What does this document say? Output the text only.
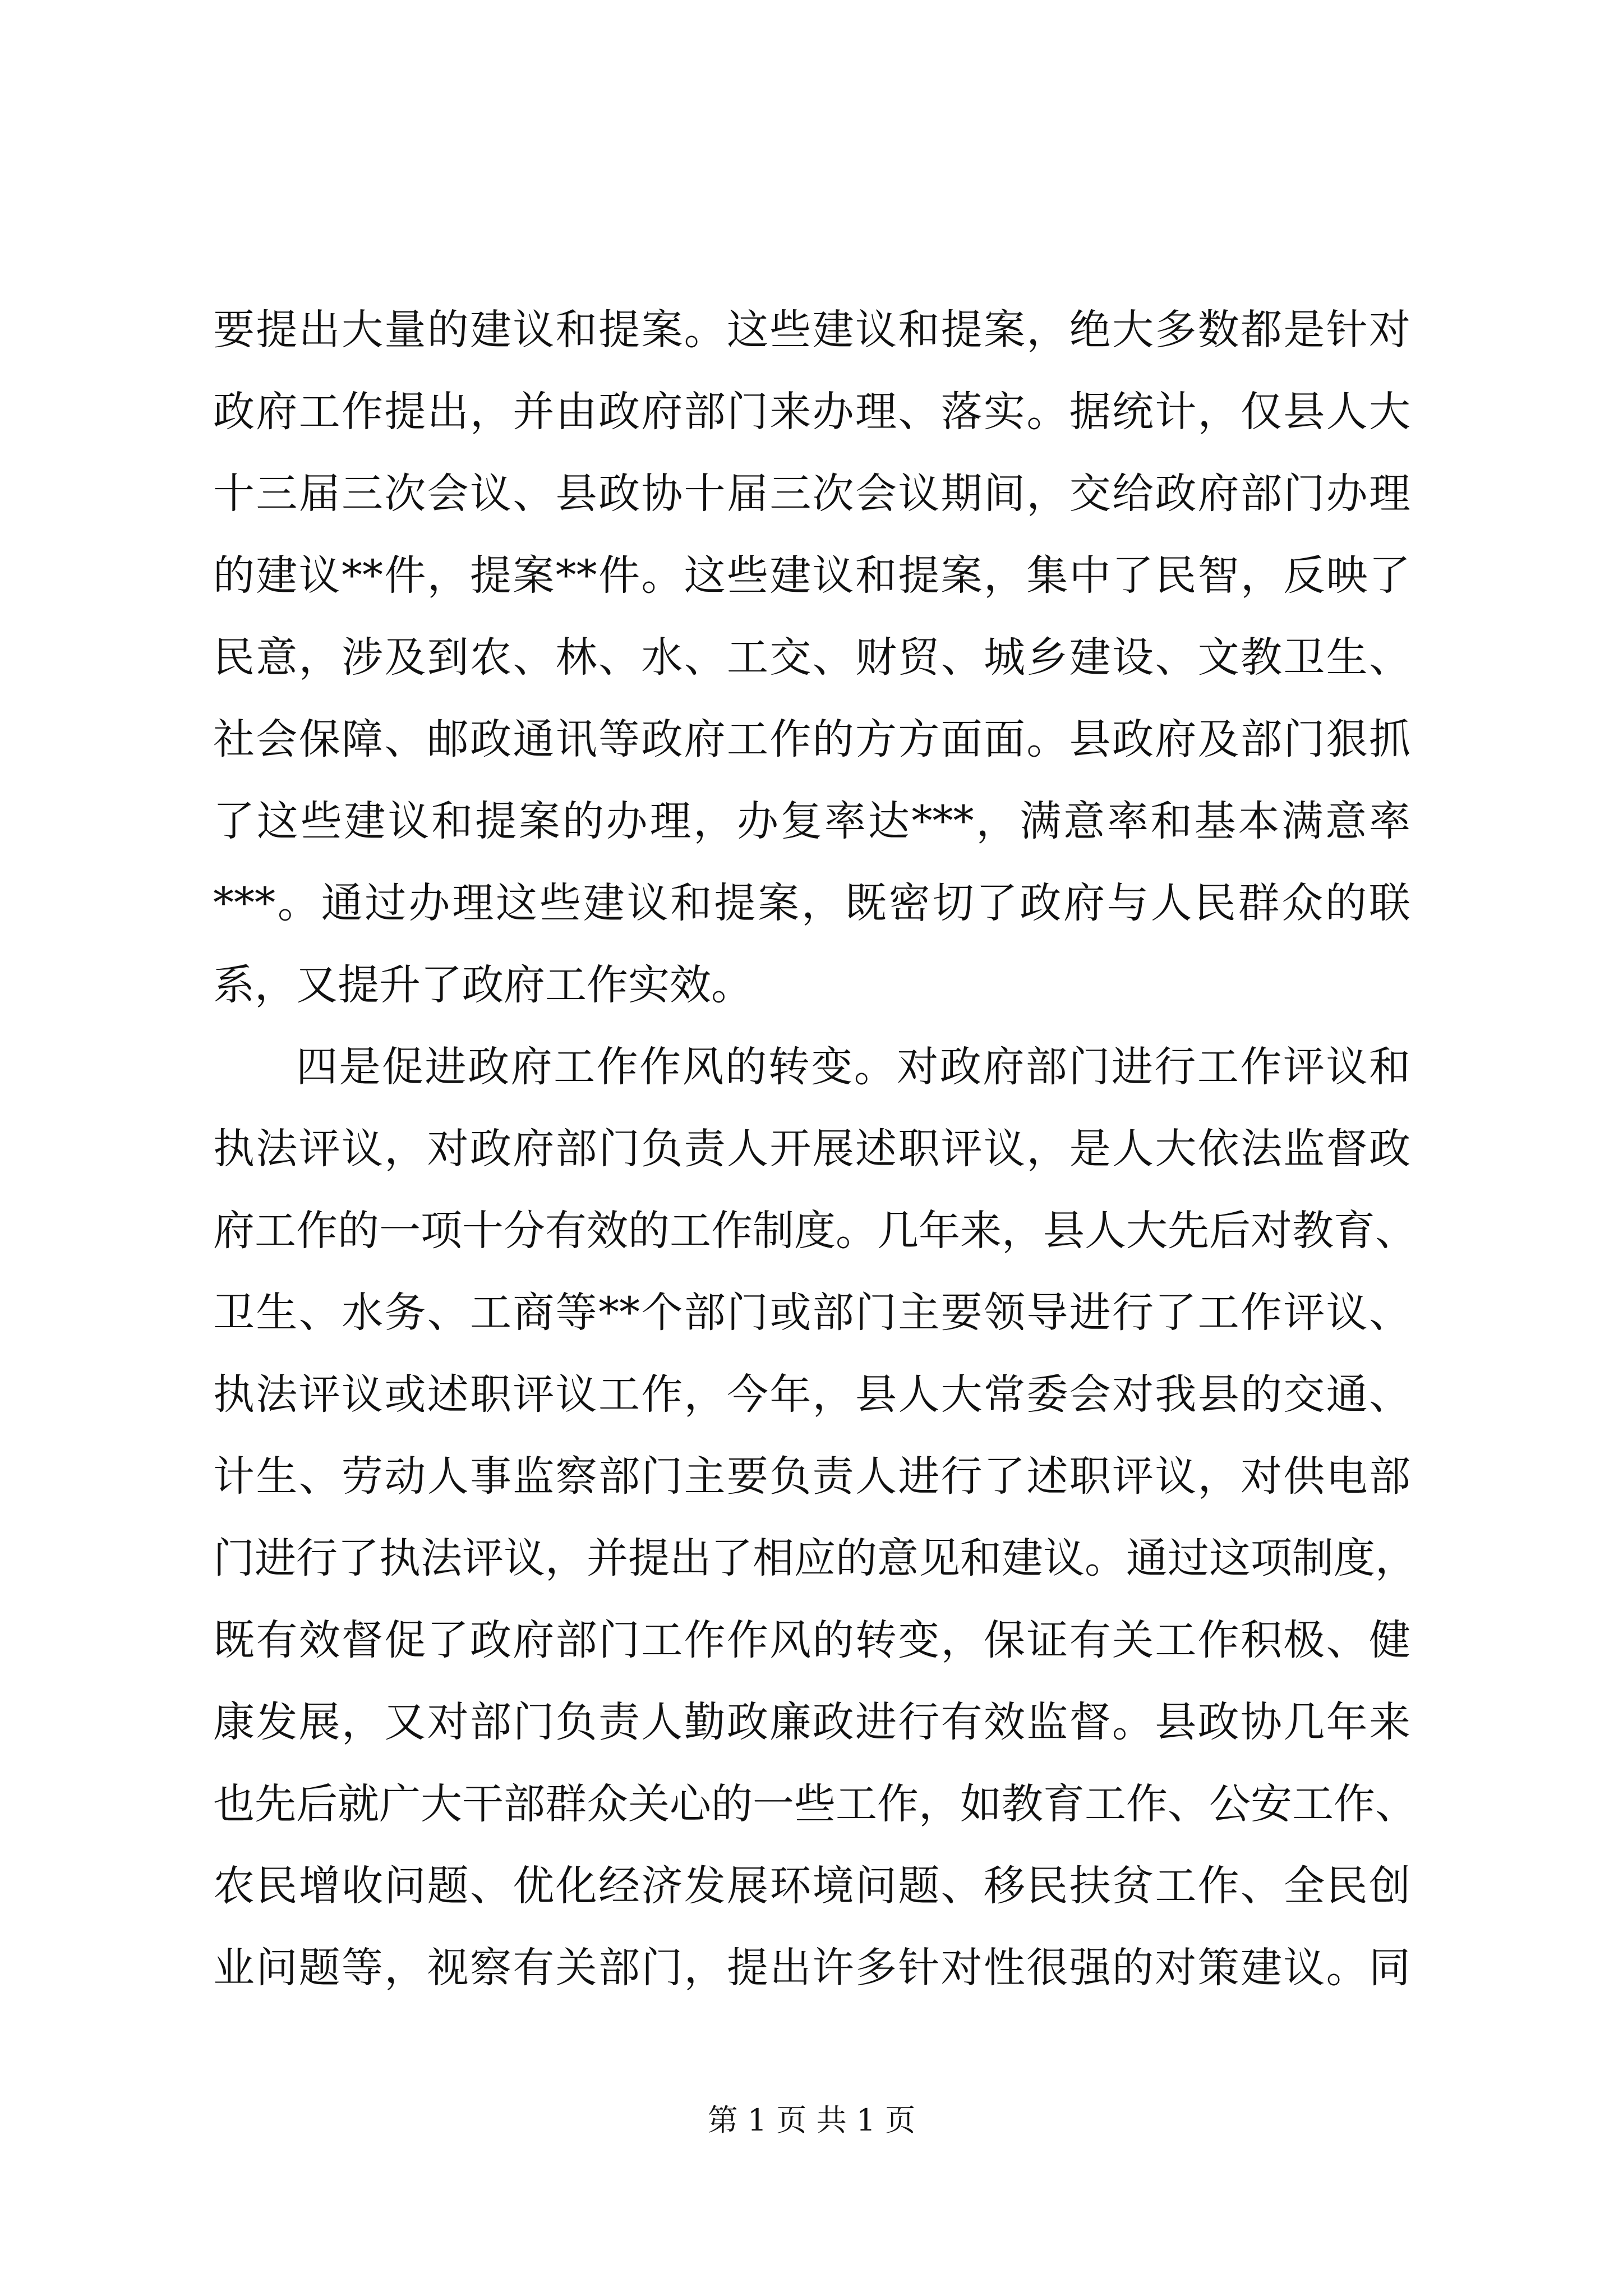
要提出大量的建议和提案。这些建议和提案，绝大多数都是针对
政府工作提出，并由政府部门来办理、落实。据统计，仅县人大
十三届三次会议、县政协十届三次会议期间，交给政府部门办理
的建议**件，提案**件。这些建议和提案，集中了民智，反映了
民意，涉及到农、林、水、工交、财贸、城乡建设、文教卫生、
社会保障、邮政通讯等政府工作的方方面面。县政府及部门狠抓
了这些建议和提案的办理，办复率达***，满意率和基本满意率
***。通过办理这些建议和提案，既密切了政府与人民群众的联
系，又提升了政府工作实效。
四是促进政府工作作风的转变。对政府部门进行工作评议和
执法评议，对政府部门负责人开展述职评议，是人大依法监督政
府工作的一项十分有效的工作制度。几年来，县人大先后对教育、
卫生、水务、工商等**个部门或部门主要领导进行了工作评议、
执法评议或述职评议工作，今年，县人大常委会对我县的交通、
计生、劳动人事监察部门主要负责人进行了述职评议，对供电部
门进行了执法评议，并提出了相应的意见和建议。通过这项制度，
既有效督促了政府部门工作作风的转变，保证有关工作积极、健
康发展，又对部门负责人勤政廉政进行有效监督。县政协几年来
也先后就广大干部群众关心的一些工作，如教育工作、公安工作、
农民增收问题、优化经济发展环境问题、移民扶贫工作、全民创
业问题等，视察有关部门，提出许多针对性很强的对策建议。同
第 1 页 共 1 页
